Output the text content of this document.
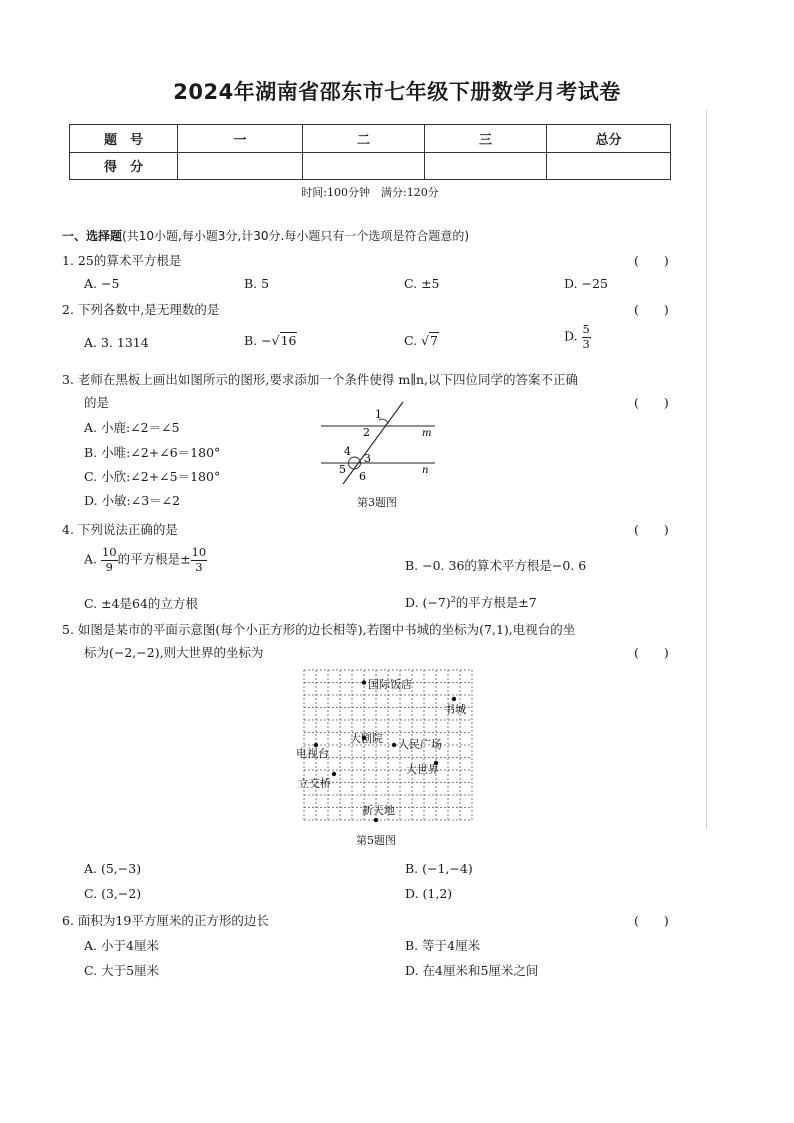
2024年湖南省邵东市七年级下册数学月考试卷
题　号	一	二	三	总分
得　分				
时间:100分钟　满分:120分
一、选择题(共10小题,每小题3分,计30分.每小题只有一个选项是符合题意的)
1. 25的算术平方根是	(　　)
A. −5	B. 5	C. ±5	D. −25
2. 下列各数中,是无理数的是	(　　)
A. 3. 1314	B. −√16	C. √7	D. $\frac{5}{3}$
3. 老师在黑板上画出如图所示的图形,要求添加一个条件使得 m∥n,以下四位同学的答案不正确
的是	(　　)
A. 小鹿:∠2＝∠5
B. 小唯:∠2+∠6＝180°
C. 小欣:∠2+∠5＝180°
D. 小敏:∠3＝∠2
1
2
3
4
5
6
m
n
第3题图
4. 下列说法正确的是	(　　)
A. $\frac{10}{9}$ 的平方根是± $\frac{10}{3}$	B. −0. 36的算术平方根是−0. 6
C. ±4是64的立方根	D. $(-7)^2$的平方根是±7
5. 如图是某市的平面示意图(每个小正方形的边长相等),若图中书城的坐标为(7,1),电视台的坐
标为(−2,−2),则大世界的坐标为	(　　)
国际饭店
书城
大剧院 人民广场
电视台
大世界
立交桥
新天地
第5题图
A. (5,−3)	B. (−1,−4)
C. (3,−2)	D. (1,2)
6. 面积为19平方厘米的正方形的边长	(　　)
A. 小于4厘米	B. 等于4厘米
C. 大于5厘米	D. 在4厘米和5厘米之间
